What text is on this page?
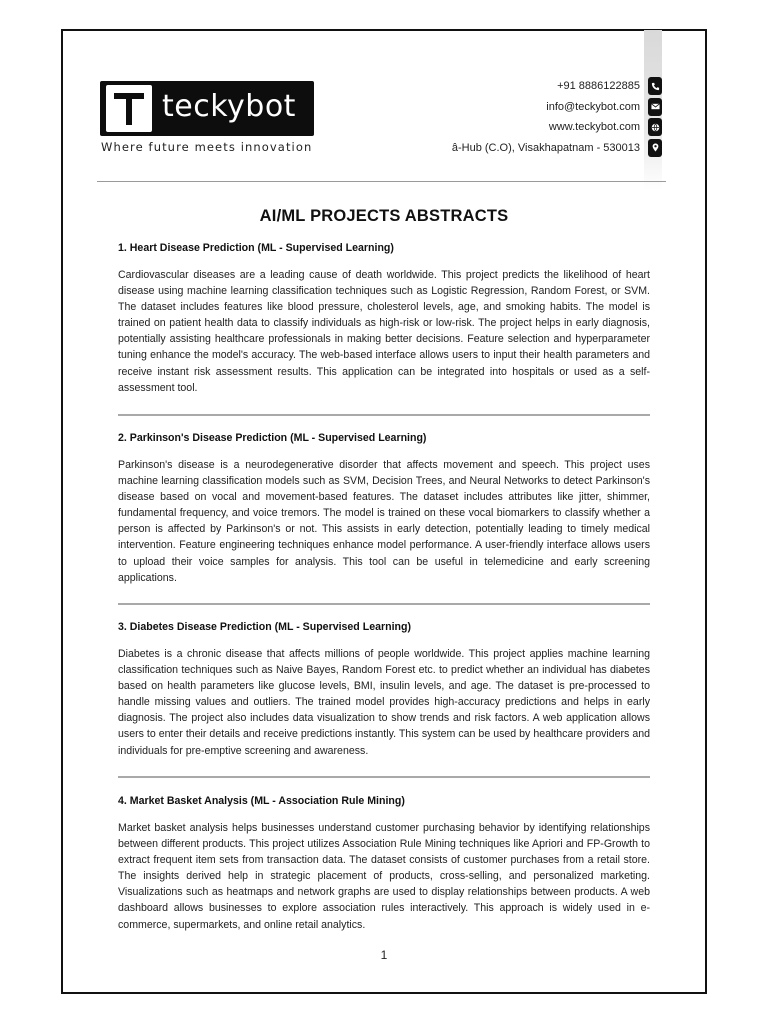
teckybot
Where future meets innovation
+91 8886122885
info@teckybot.com
www.teckybot.com
â-Hub (C.O), Visakhapatnam - 530013
AI/ML PROJECTS ABSTRACTS
1. Heart Disease Prediction (ML - Supervised Learning)
Cardiovascular diseases are a leading cause of death worldwide. This project predicts the likelihood of heart disease using machine learning classification techniques such as Logistic Regression, Random Forest, or SVM. The dataset includes features like blood pressure, cholesterol levels, age, and smoking habits. The model is trained on patient health data to classify individuals as high-risk or low-risk. The project helps in early diagnosis, potentially assisting healthcare professionals in making better decisions. Feature selection and hyperparameter tuning enhance the model's accuracy. The web-based interface allows users to input their health parameters and receive instant risk assessment results. This application can be integrated into hospitals or used as a self-assessment tool.
2. Parkinson's Disease Prediction (ML - Supervised Learning)
Parkinson's disease is a neurodegenerative disorder that affects movement and speech. This project uses machine learning classification models such as SVM, Decision Trees, and Neural Networks to detect Parkinson's disease based on vocal and movement-based features. The dataset includes attributes like jitter, shimmer, fundamental frequency, and voice tremors. The model is trained on these vocal biomarkers to classify whether a person is affected by Parkinson's or not. This assists in early detection, potentially leading to timely medical intervention. Feature engineering techniques enhance model performance. A user-friendly interface allows users to upload their voice samples for analysis. This tool can be useful in telemedicine and early screening applications.
3. Diabetes Disease Prediction (ML - Supervised Learning)
Diabetes is a chronic disease that affects millions of people worldwide. This project applies machine learning classification techniques such as Naive Bayes, Random Forest etc. to predict whether an individual has diabetes based on health parameters like glucose levels, BMI, insulin levels, and age. The dataset is pre-processed to handle missing values and outliers. The trained model provides high-accuracy predictions and helps in early diagnosis. The project also includes data visualization to show trends and risk factors. A web application allows users to enter their details and receive predictions instantly. This system can be used by healthcare providers and individuals for pre-emptive screening and awareness.
4. Market Basket Analysis (ML - Association Rule Mining)
Market basket analysis helps businesses understand customer purchasing behavior by identifying relationships between different products. This project utilizes Association Rule Mining techniques like Apriori and FP-Growth to extract frequent item sets from transaction data. The dataset consists of customer purchases from a retail store. The insights derived help in strategic placement of products, cross-selling, and personalized marketing. Visualizations such as heatmaps and network graphs are used to display relationships between products. A web dashboard allows businesses to explore association rules interactively. This approach is widely used in e-commerce, supermarkets, and online retail analytics.
1
